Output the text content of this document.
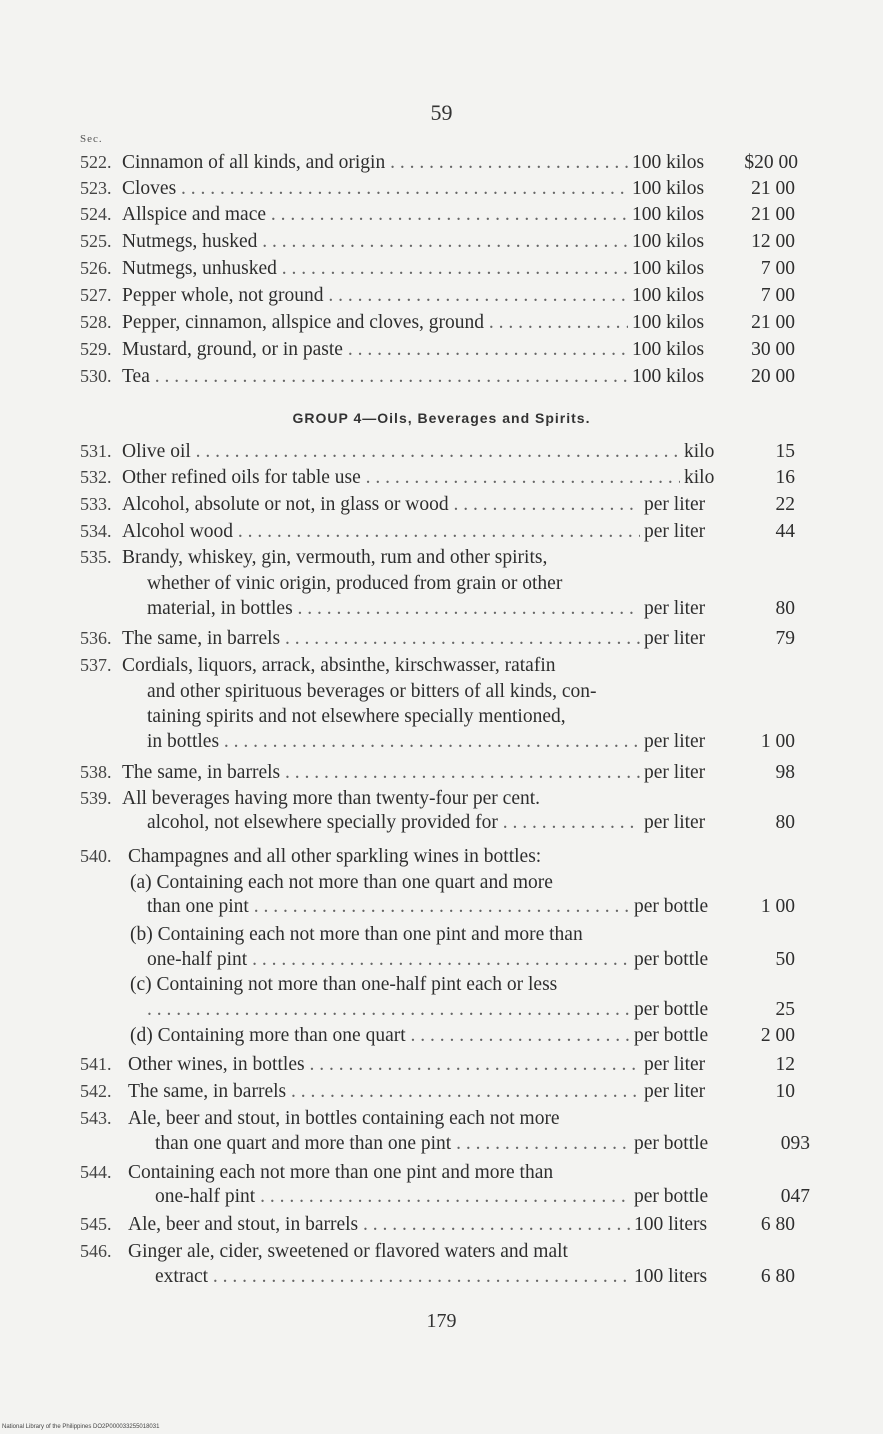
59
Sec.
522. Cinnamon of all kinds, and origin . . .	100 kilos	$20 00
523. Cloves . . .	100 kilos	21 00
524. Allspice and mace . . .	100 kilos	21 00
525. Nutmegs, husked . . .	100 kilos	12 00
526. Nutmegs, unhusked . . .	100 kilos	7 00
527. Pepper whole, not ground . . .	100 kilos	7 00
528. Pepper, cinnamon, allspice and cloves, ground . . .	100 kilos	21 00
529. Mustard, ground, or in paste . . .	100 kilos	30 00
530. Tea . . .	100 kilos	20 00
GROUP 4—Oils, Beverages and Spirits.
531. Olive oil . . .	kilo	15
532. Other refined oils for table use . . .	kilo	16
533. Alcohol, absolute or not, in glass or wood . . .	per liter	22
534. Alcohol wood . . .	per liter	44
535. Brandy, whiskey, gin, vermouth, rum and other spirits,
whether of vinic origin, produced from grain or other
material, in bottles . . .	per liter	80
536. The same, in barrels . . .	per liter	79
537. Cordials, liquors, arrack, absinthe, kirschwasser, ratafin
and other spirituous beverages or bitters of all kinds, con-
taining spirits and not elsewhere specially mentioned,
in bottles . . .	per liter	1 00
538. The same, in barrels . . .	per liter	98
539. All beverages having more than twenty-four per cent.
alcohol, not elsewhere specially provided for . . .	per liter	80
540. Champagnes and all other sparkling wines in bottles:
(a) Containing each not more than one quart and more
than one pint . . .	per bottle	1 00
(b) Containing each not more than one pint and more than
one-half pint . . .	per bottle	50
(c) Containing not more than one-half pint each or less
. . .
per bottle	25
(d) Containing more than one quart . . .	per bottle	2 00
541. Other wines, in bottles . . .	per liter	12
542. The same, in barrels . . .	per liter	10
543. Ale, beer and stout, in bottles containing each not more
than one quart and more than one pint . . .	per bottle	093
544. Containing each not more than one pint and more than
one-half pint . . .	per bottle	047
545. Ale, beer and stout, in barrels . . .	100 liters	6 80
546. Ginger ale, cider, sweetened or flavored waters and malt
extract . . .	100 liters	6 80
179
National Library of the Philippines DO2P000033255018031
